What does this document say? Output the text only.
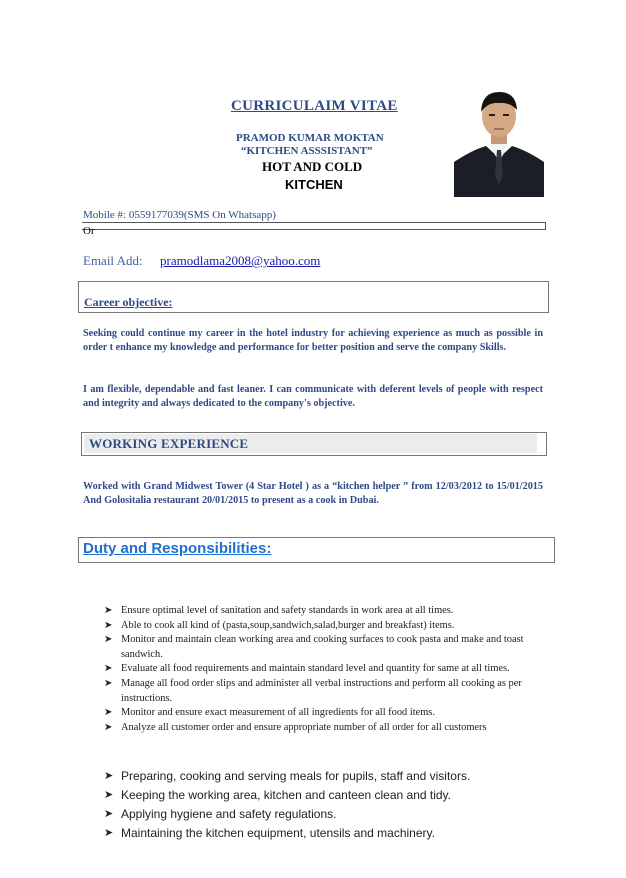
CURRICULAIM VITAE
PRAMOD KUMAR MOKTAN
“KITCHEN ASSSISTANT”
HOT AND COLD
KITCHEN
Mobile #: 0559177039(SMS On Whatsapp)
Or
Email Add: pramodlama2008@yahoo.com
Career objective:
Seeking could continue my career in the hotel industry for achieving experience as much as possible in order t enhance my knowledge and performance for better position and serve the company Skills.
I am flexible, dependable and fast leaner. I can communicate with deferent levels of people with respect and integrity and always dedicated to the company's objective.
WORKING EXPERIENCE
Worked with Grand Midwest Tower (4 Star Hotel ) as a “kitchen helper ” from 12/03/2012 to 15/01/2015 And Golositalia restaurant 20/01/2015 to present as a cook in Dubai.
Duty and Responsibilities:
➤ Ensure optimal level of sanitation and safety standards in work area at all times.
➤ Able to cook all kind of (pasta,soup,sandwich,salad,burger and breakfast) items.
➤ Monitor and maintain clean working area and cooking surfaces to cook pasta and make and toast sandwich.
➤ Evaluate all food requirements and maintain standard level and quantity for same at all times.
➤ Manage all food order slips and administer all verbal instructions and perform all cooking as per instructions.
➤ Monitor and ensure exact measurement of all ingredients for all food items.
➤ Analyze all customer order and ensure appropriate number of all order for all customers
➤ Preparing, cooking and serving meals for pupils, staff and visitors.
➤ Keeping the working area, kitchen and canteen clean and tidy.
➤ Applying hygiene and safety regulations.
➤ Maintaining the kitchen equipment, utensils and machinery.
